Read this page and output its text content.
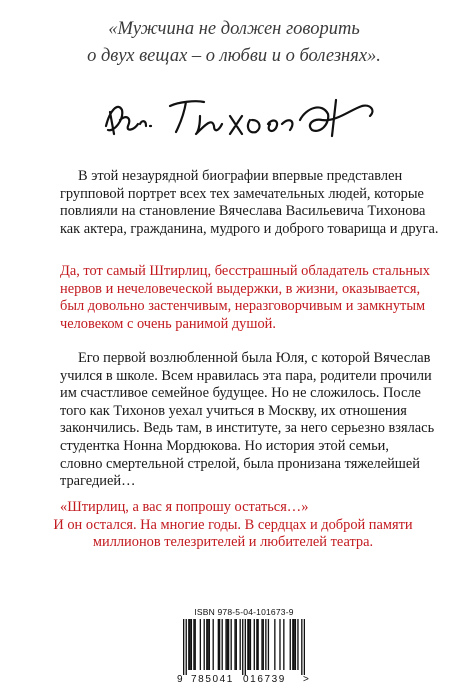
«Мужчина не должен говорить
о двух вещах – о любви и о болезнях».
В этой незаурядной биографии впервые представлен
групповой портрет всех тех замечательных людей, которые
повлияли на становление Вячеслава Васильевича Тихонова
как актера, гражданина, мудрого и доброго товарища и друга.
Да, тот самый Штирлиц, бесстрашный обладатель стальных
нервов и нечеловеческой выдержки, в жизни, оказывается,
был довольно застенчивым, неразговорчивым и замкнутым
человеком с очень ранимой душой.
Его первой возлюбленной была Юля, с которой Вячеслав
учился в школе. Всем нравилась эта пара, родители прочили
им счастливое семейное будущее. Но не сложилось. После
того как Тихонов уехал учиться в Москву, их отношения
закончились. Ведь там, в институте, за него серьезно взялась
студентка Нонна Мордюкова. Но история этой семьи,
словно смертельной стрелой, была пронизана тяжелейшей
трагедией…
«Штирлиц, а вас я попрошу остаться…»
И он остался. На многие годы. В сердцах и доброй памяти
миллионов телезрителей и любителей театра.
ISBN 978-5-04-101673-9
9 785041 016739 >
